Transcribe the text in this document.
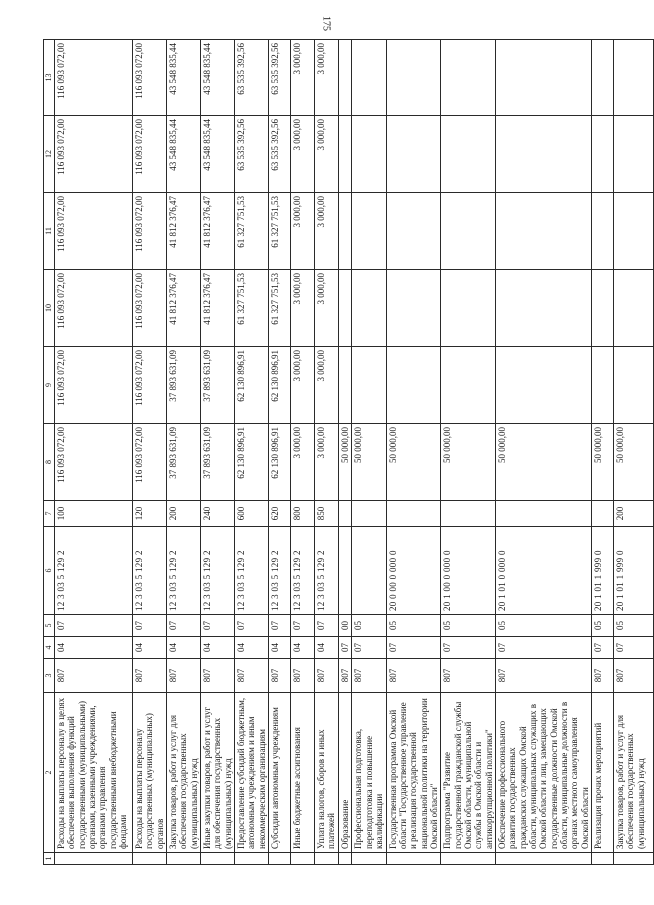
175
1	2	3	4	5	6	7	8	9	10	11	12	13
	Расходы на выплаты персоналу в целях обеспечения выполнения функций государственными (муниципальными) органами, казенными учреждениями, органами управления государственными внебюджетными фондами	807	04	07	12 3 03 5 129 2	100	116 093 072,00	116 093 072,00	116 093 072,00	116 093 072,00	116 093 072,00	116 093 072,00
	Расходы на выплаты персоналу государственных (муниципальных) органов	807	04	07	12 3 03 5 129 2	120	116 093 072,00	116 093 072,00	116 093 072,00	116 093 072,00	116 093 072,00	116 093 072,00
	Закупка товаров, работ и услуг для обеспечения государственных (муниципальных) нужд	807	04	07	12 3 03 5 129 2	200	37 893 631,09	37 893 631,09	41 812 376,47	41 812 376,47	43 548 835,44	43 548 835,44
	Иные закупки товаров, работ и услуг для обеспечения государственных (муниципальных) нужд	807	04	07	12 3 03 5 129 2	240	37 893 631,09	37 893 631,09	41 812 376,47	41 812 376,47	43 548 835,44	43 548 835,44
	Предоставление субсидий бюджетным, автономным учреждениям и иным некоммерческим организациям	807	04	07	12 3 03 5 129 2	600	62 130 896,91	62 130 896,91	61 327 751,53	61 327 751,53	63 535 392,56	63 535 392,56
	Субсидии автономным учреждениям	807	04	07	12 3 03 5 129 2	620	62 130 896,91	62 130 896,91	61 327 751,53	61 327 751,53	63 535 392,56	63 535 392,56
	Иные бюджетные ассигнования	807	04	07	12 3 03 5 129 2	800	3 000,00	3 000,00	3 000,00	3 000,00	3 000,00	3 000,00
	Уплата налогов, сборов и иных платежей	807	04	07	12 3 03 5 129 2	850	3 000,00	3 000,00	3 000,00	3 000,00	3 000,00	3 000,00
	Образование	807	07	00			50 000,00					
	Профессиональная подготовка, переподготовка и повышение квалификации	807	07	05			50 000,00					
	Государственная программа Омской области "Государственное управление и реализация государственной национальной политики на территории Омской области"	807	07	05	20 0 00 0 000 0		50 000,00					
	Подпрограмма "Развитие государственной гражданской службы Омской области, муниципальной службы в Омской области и антикоррупционной политики"	807	07	05	20 1 00 0 000 0		50 000,00					
	Обеспечение профессионального развития государственных гражданских служащих Омской области, муниципальных служащих в Омской области и лиц, замещающих государственные должности Омской области, муниципальные должности в органах местного самоуправления Омской области	807	07	05	20 1 01 0 000 0		50 000,00					
	Реализация прочих мероприятий	807	07	05	20 1 01 1 999 0		50 000,00					
	Закупка товаров, работ и услуг для обеспечения государственных (муниципальных) нужд	807	07	05	20 1 01 1 999 0	200	50 000,00					
